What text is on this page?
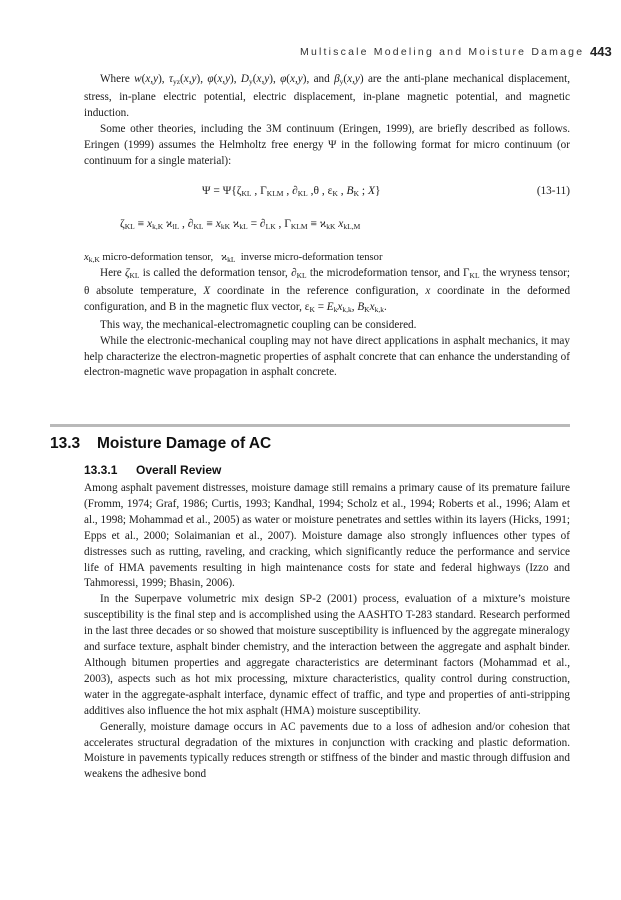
Multiscale Modeling and Moisture Damage 443

Where w(x,y), $\tau_{yz}(x,y)$, φ(x,y), $D_y(x,y)$, φ(x,y), and $\beta_y(x,y)$ are the anti-plane mechanical displacement, stress, in-plane electric potential, electric displacement, in-plane magnetic potential, and magnetic induction.

Some other theories, including the 3M continuum (Eringen, 1999), are briefly described as follows. Eringen (1999) assumes the Helmholtz free energy Ψ in the following format for micro continuum (or continuum for a single material):

$\Psi = \Psi\{\zeta_{KL}$ , $\Gamma_{KLM}$ , $\partial_{KL}$ ,θ , $\varepsilon_K$ , $B_K$ ; X}	(13-11)
$\zeta_{KL} \equiv x_{k,K}$ $ϰ_{lL}$ , $\partial_{KL} \equiv x_{kK}$ $ϰ_{kL} = \partial_{LK}$ , $\Gamma_{KLM} \equiv ϰ_{kK}$ $x_{kL,M}$
$x_{k,K}$ micro-deformation tensor,   $ϰ_{kL}$ inverse micro-deformation tensor

Here $\zeta_{KL}$ is called the deformation tensor, $\partial_{KL}$ the microdeformation tensor, and $\Gamma_{KL}$ the wryness tensor; θ absolute temperature, X coordinate in the reference configuration, x coordinate in the deformed configuration, and B in the magnetic flux vector, $\varepsilon_K = E_kx_{k,k}$, $B_Kx_{k,k}$.

This way, the mechanical-electromagnetic coupling can be considered.

While the electronic-mechanical coupling may not have direct applications in asphalt mechanics, it may help characterize the electron-magnetic properties of asphalt concrete that can enhance the understanding of electron-magnetic wave propagation in asphalt concrete.

13.3 Moisture Damage of AC
13.3.1 Overall Review

Among asphalt pavement distresses, moisture damage still remains a primary cause of its premature failure (Fromm, 1974; Graf, 1986; Curtis, 1993; Kandhal, 1994; Scholz et al., 1994; Roberts et al., 1996; Alam et al., 1998; Mohammad et al., 2005) as water or moisture penetrates and settles within its layers (Hicks, 1991; Epps et al., 2000; Solaimanian et al., 2007). Moisture damage also strongly influences other types of distresses such as rutting, raveling, and cracking, which significantly reduce the performance and service life of HMA pavements resulting in high maintenance costs for state and federal highways (Izzo and Tahmoressi, 1999; Bhasin, 2006).

In the Superpave volumetric mix design SP-2 (2001) process, evaluation of a mixture’s moisture susceptibility is the final step and is accomplished using the AASHTO T-283 standard. Research performed in the last three decades or so showed that moisture susceptibility is influenced by the aggregate mineralogy and surface texture, asphalt binder chemistry, and the interaction between the aggregate and asphalt binder. Although bitumen properties and aggregate characteristics are determinant factors (Mohammad et al., 2003), aspects such as hot mix processing, mixture characteristics, quality control during construction, water in the aggregate-asphalt interface, dynamic effect of traffic, and type and properties of anti-stripping additives also influence the hot mix asphalt (HMA) moisture susceptibility.

Generally, moisture damage occurs in AC pavements due to a loss of adhesion and/or cohesion that accelerates structural degradation of the mixtures in conjunction with cracking and plastic deformation. Moisture in pavements typically reduces strength or stiffness of the binder and mastic through diffusion and weakens the adhesive bond
